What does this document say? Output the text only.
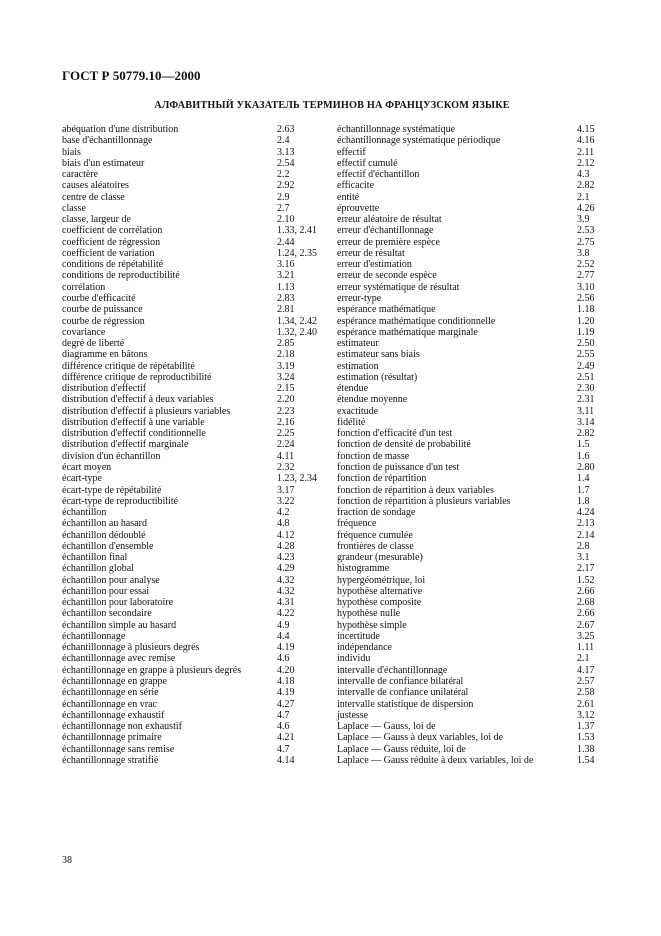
ГОСТ Р 50779.10—2000
АЛФАВИТНЫЙ УКАЗАТЕЛЬ ТЕРМИНОВ НА ФРАНЦУЗСКОМ ЯЗЫКЕ
abéquation d'une distribution	2.63
base d'échantillonnage	2.4
biais	3.13
biais d'un estimateur	2.54
caractère	2.2
causes aléatoires	2.92
centre de classe	2.9
classe	2.7
classe, largeur de	2.10
coefficient de corrélation	1.33, 2.41
coefficient de régression	2.44
coefficient de variation	1.24, 2.35
conditions de répétabilité	3.16
conditions de reproductibilité	3.21
corrélation	1.13
courbe d'efficacité	2.83
courbe de puissance	2.81
courbe de régression	1.34, 2.42
covariance	1.32, 2.40
degré de liberté	2.85
diagramme en bâtons	2.18
différence critique de répétabilité	3.19
différence critique de reproductibilité	3.24
distribution d'effectif	2.15
distribution d'effectif à deux variables	2.20
distribution d'effectif à plusieurs variables	2.23
distribution d'effectif à une variable	2.16
distribution d'effectif conditionnelle	2.25
distribution d'effectif marginale	2.24
division d'un échantillon	4.11
écart moyen	2.32
écart-type	1.23, 2.34
écart-type de répétabilité	3.17
écart-type de reproductibilité	3.22
échantillon	4.2
échantillon au hasard	4.8
échantillon dédoublé	4.12
échantillon d'ensemble	4.28
échantillon final	4.23
échantillon global	4.29
échantillon pour analyse	4.32
échantillon pour essai	4.32
échantillon pour laboratoire	4.31
échantillon secondaire	4.22
échantillon simple au hasard	4.9
échantillonnage	4.4
échantillonnage à plusieurs degrés	4.19
échantillonnage avec remise	4.6
échantillonnage en grappe à plusieurs degrés	4.20
échantillonnage en grappe	4.18
échantillonnage en série	4.19
échantillonnage en vrac	4.27
échantillonnage exhaustif	4.7
échantillonnage non exhaustif	4.6
échantillonnage primaire	4.21
échantillonnage sans remise	4.7
échantillonnage stratifié	4.14
échantillonnage systématique	4.15
échantillonnage systématique périodique	4.16
effectif	2.11
effectif cumulé	2.12
effectif d'échantillon	4.3
efficacite	2.82
entité	2.1
éprouvette	4.26
erreur aléatoire de résultat	3.9
erreur d'échantillonnage	2.53
erreur de première espèce	2.75
erreur de résultat	3.8
erreur d'estimation	2.52
erreur de seconde espèce	2.77
erreur systématique de résultat	3.10
erreur-type	2.56
espérance mathématique	1.18
espérance mathématique conditionnelle	1.20
espérance mathématique marginale	1.19
estimateur	2.50
estimateur sans biais	2.55
estimation	2.49
estimation (résultat)	2.51
étendue	2.30
étendue moyenne	2.31
exactitude	3.11
fidélité	3.14
fonction d'efficacité d'un test	2.82
fonction de densité de probabilité	1.5
fonction de masse	1.6
fonction de puissance d'un test	2.80
fonction de répartition	1.4
fonction de répartition à deux variables	1.7
fonction de répartition à plusieurs variables	1.8
fraction de sondage	4.24
fréquence	2.13
fréquence cumulée	2.14
frontières de classe	2.8
grandeur (mesurable)	3.1
histogramme	2.17
hypergéométrique, loi	1.52
hypothèse alternative	2.66
hypothèse composite	2.68
hypothèse nulle	2.66
hypothèse simple	2.67
incertitude	3.25
indépendance	1.11
individu	2.1
intervalle d'échantillonnage	4.17
intervalle de confiance bilatéral	2.57
intervalle de confiance unilatéral	2.58
intervalle statistique de dispersion	2.61
justesse	3.12
Laplace — Gauss, loi de	1.37
Laplace — Gauss à deux variables, loi de	1.53
Laplace — Gauss réduite, loi de	1.38
Laplace — Gauss réduite à deux variables, loi de	1.54
38
